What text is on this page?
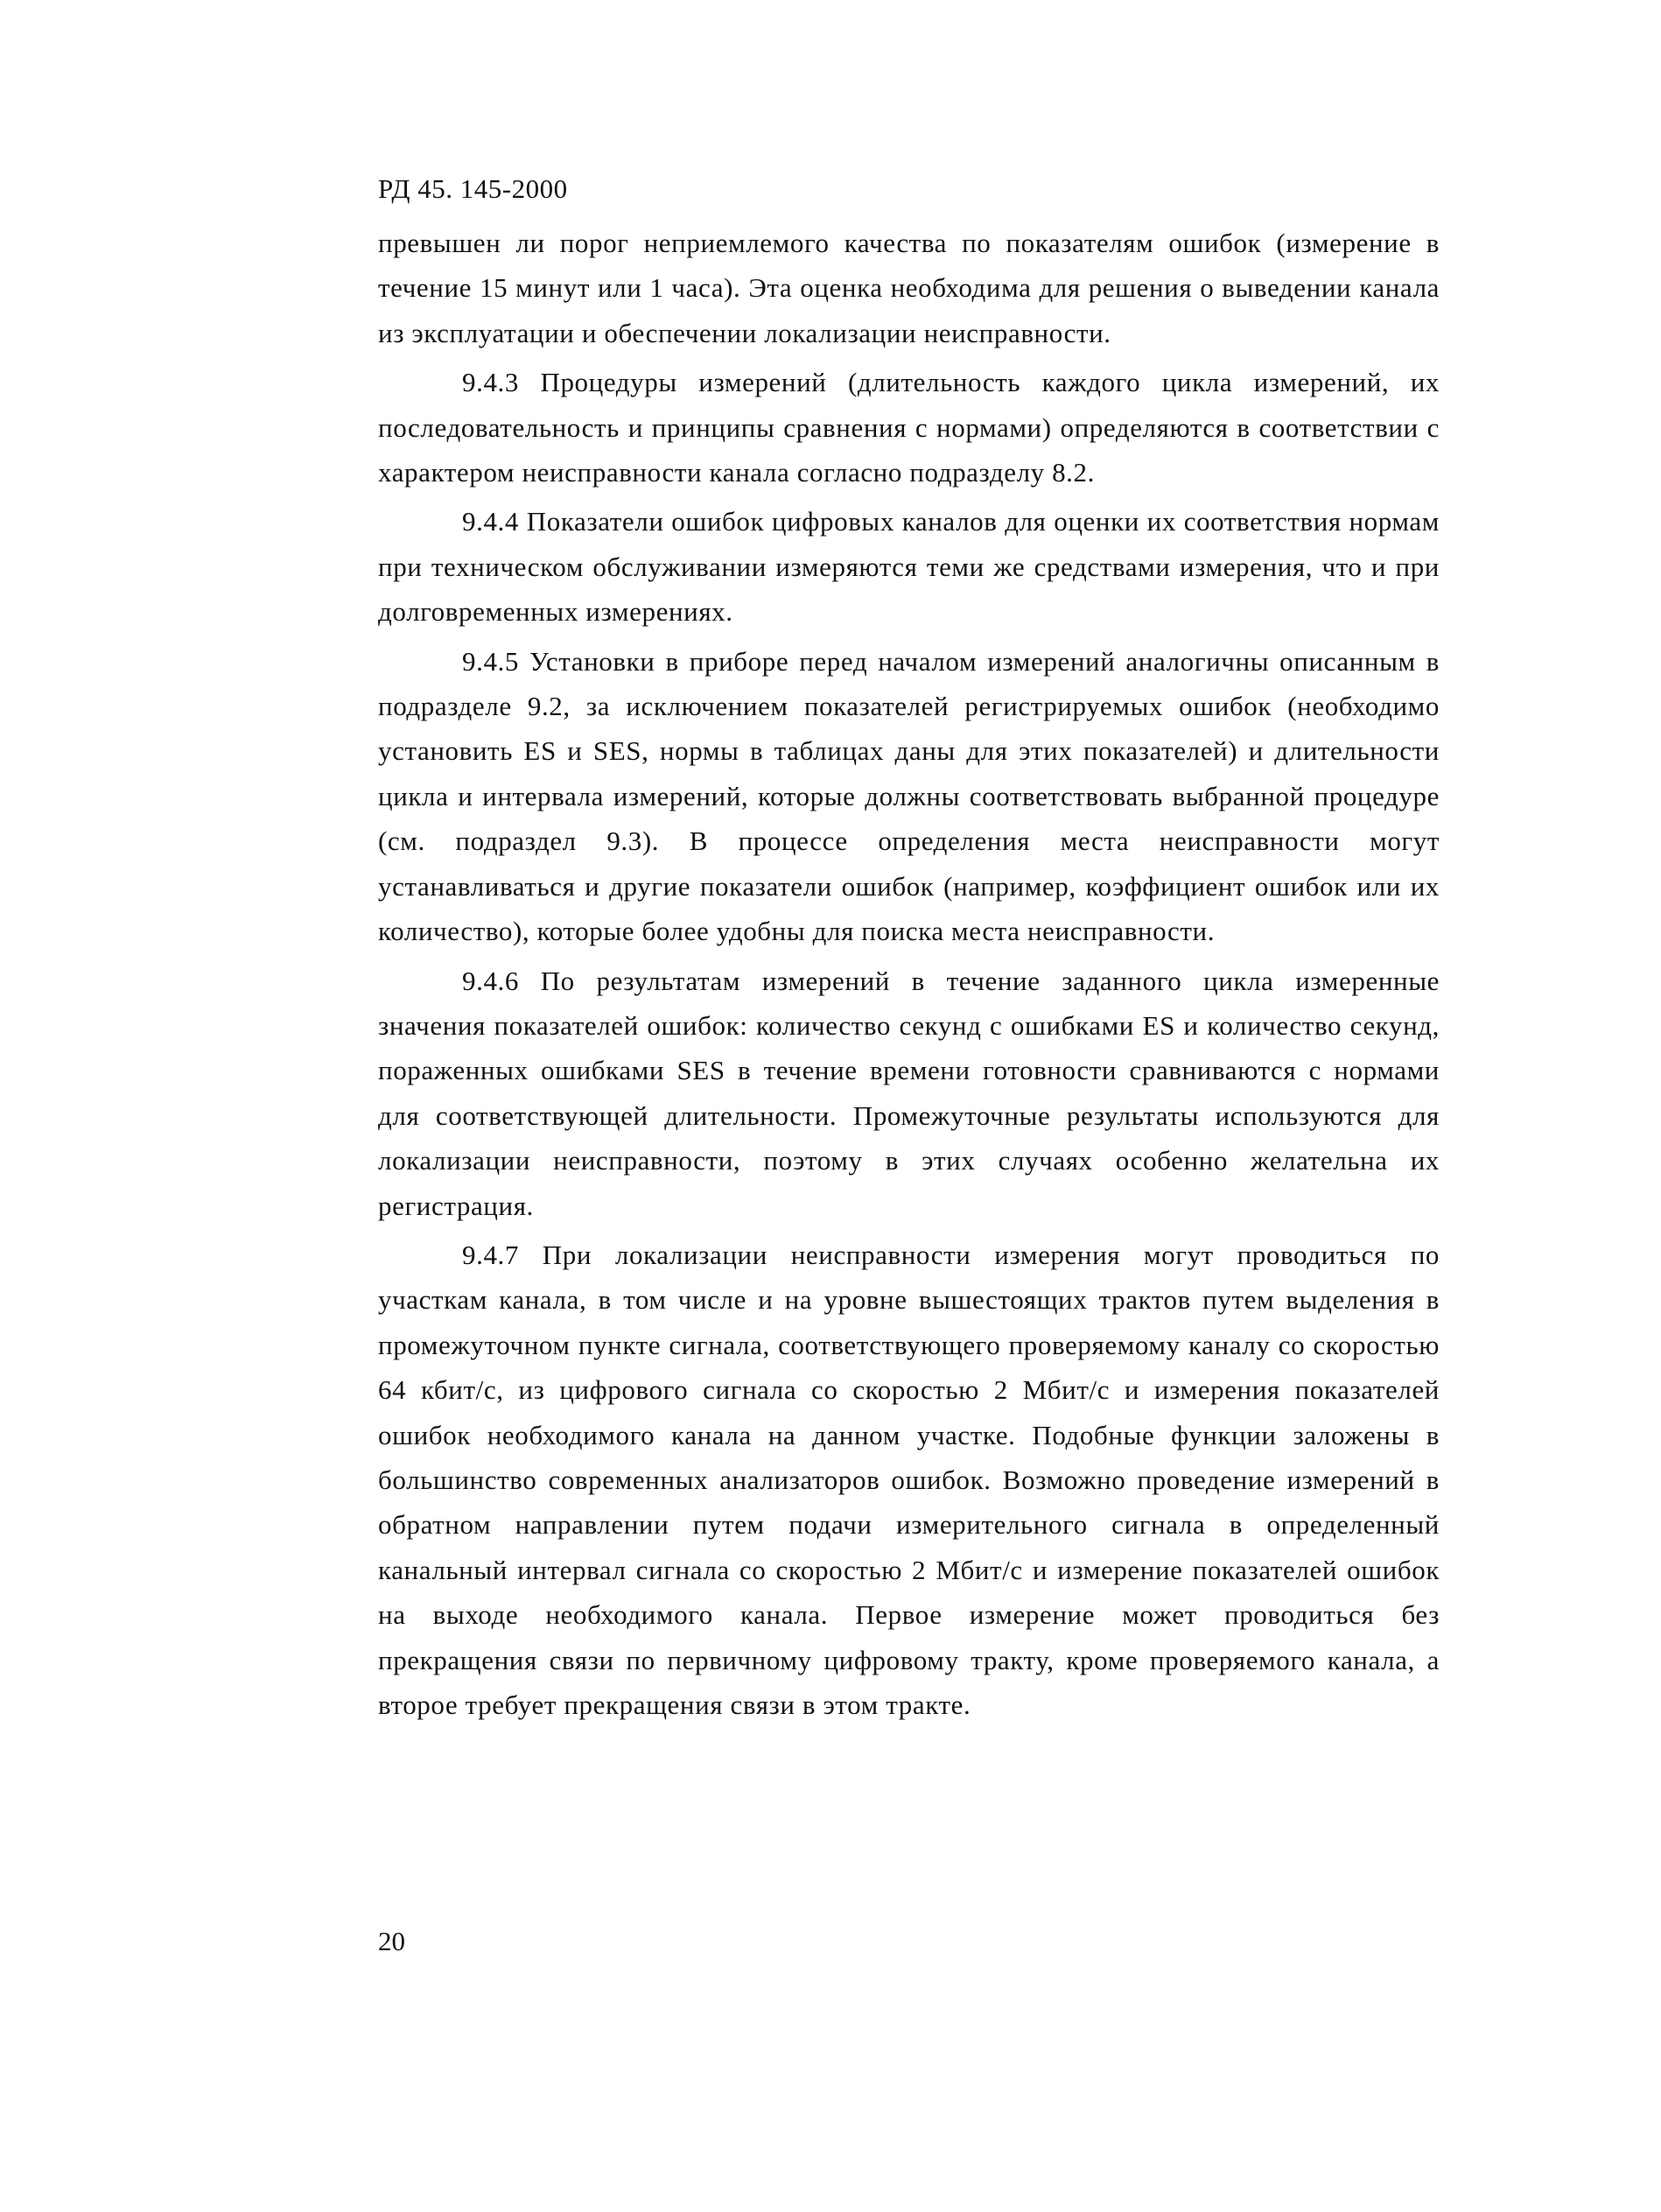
РД 45. 145-2000

превышен ли порог неприемлемого качества по показателям ошибок (измерение в течение 15 минут или 1 часа). Эта оценка необходима для решения о выведении канала из эксплуатации и обеспечении локализации неисправности.

9.4.3 Процедуры измерений (длительность каждого цикла измерений, их последовательность и принципы сравнения с нормами) определяются в соответствии с характером неисправности канала согласно подразделу 8.2.

9.4.4 Показатели ошибок цифровых каналов для оценки их соответствия нормам при техническом обслуживании измеряются теми же средствами измерения, что и при долговременных измерениях.

9.4.5 Установки в приборе перед началом измерений аналогичны описанным в подразделе 9.2, за исключением показателей регистрируемых ошибок (необходимо установить ES и SES, нормы в таблицах даны для этих показателей) и длительности цикла и интервала измерений, которые должны соответствовать выбранной процедуре (см. подраздел 9.3). В процессе определения места неисправности могут устанавливаться и другие показатели ошибок (например, коэффициент ошибок или их количество), которые более удобны для поиска места неисправности.

9.4.6 По результатам измерений в течение заданного цикла измеренные значения показателей ошибок: количество секунд с ошибками ES и количество секунд, пораженных ошибками SES в течение времени готовности сравниваются с нормами для соответствующей длительности. Промежуточные результаты используются для локализации неисправности, поэтому в этих случаях особенно желательна их регистрация.

9.4.7 При локализации неисправности измерения могут проводиться по участкам канала, в том числе и на уровне вышестоящих трактов путем выделения в промежуточном пункте сигнала, соответствующего проверяемому каналу со скоростью 64 кбит/с, из цифрового сигнала со скоростью 2 Мбит/с и измерения показателей ошибок необходимого канала на данном участке. Подобные функции заложены в большинство современных анализаторов ошибок. Возможно проведение измерений в обратном направлении путем подачи измерительного сигнала в определенный канальный интервал сигнала со скоростью 2 Мбит/с и измерение показателей ошибок на выходе необходимого канала. Первое измерение может проводиться без прекращения связи по первичному цифровому тракту, кроме проверяемого канала, а второе требует прекращения связи в этом тракте.

20
